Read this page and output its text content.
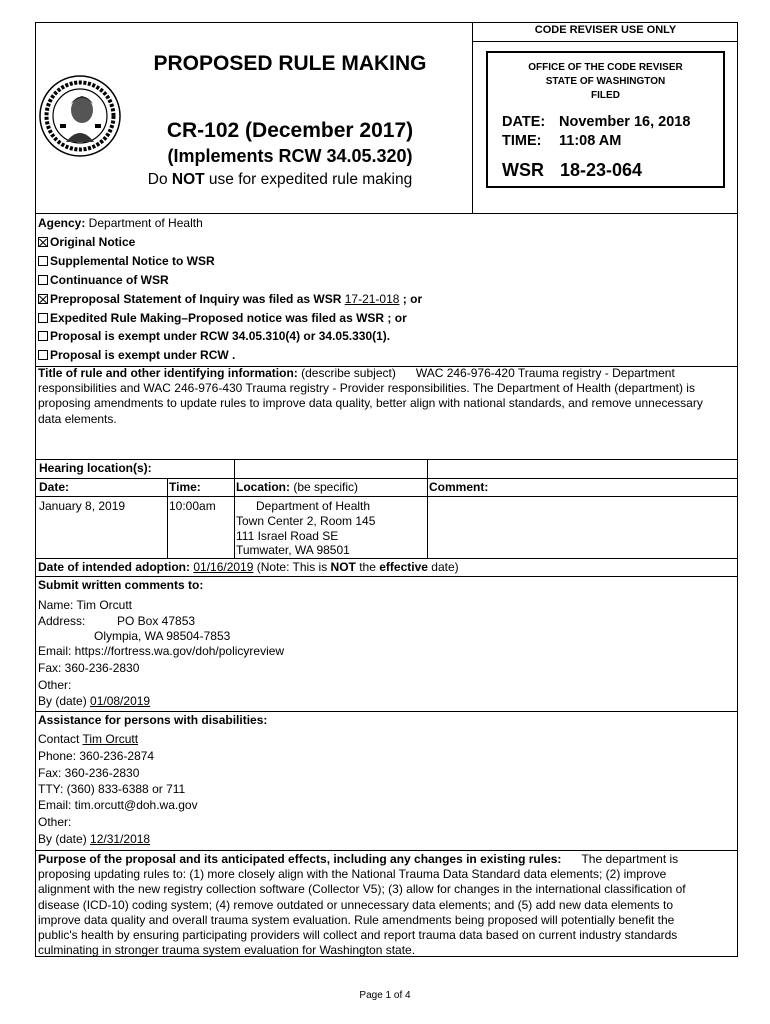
CODE REVISER USE ONLY
OFFICE OF THE CODE REVISER
STATE OF WASHINGTON
FILED
DATE: November 16, 2018
TIME: 11:08 AM
WSR 18-23-064
PROPOSED RULE MAKING
CR-102 (December 2017)
(Implements RCW 34.05.320)
Do NOT use for expedited rule making
Agency: Department of Health
Original Notice
Supplemental Notice to WSR
Continuance of WSR
Preproposal Statement of Inquiry was filed as WSR 17-21-018 ; or
Expedited Rule Making–Proposed notice was filed as WSR ; or
Proposal is exempt under RCW 34.05.310(4) or 34.05.330(1).
Proposal is exempt under RCW .
Title of rule and other identifying information: (describe subject) WAC 246-976-420 Trauma registry - Department
responsibilities and WAC 246-976-430 Trauma registry - Provider responsibilities. The Department of Health (department) is
proposing amendments to update rules to improve data quality, better align with national standards, and remove unnecessary
data elements.
Hearing location(s):
Date:	Time:	Location: (be specific)	Comment:
January 8, 2019	10:00am	Department of Health
Town Center 2, Room 145
111 Israel Road SE
Tumwater, WA 98501
Date of intended adoption: 01/16/2019 (Note: This is NOT the effective date)
Submit written comments to:
Name: Tim Orcutt
Address:	PO Box 47853
Olympia, WA 98504-7853
Email: https://fortress.wa.gov/doh/policyreview
Fax: 360-236-2830
Other:
By (date) 01/08/2019
Assistance for persons with disabilities:
Contact Tim Orcutt
Phone: 360-236-2874
Fax: 360-236-2830
TTY: (360) 833-6388 or 711
Email: tim.orcutt@doh.wa.gov
Other:
By (date) 12/31/2018
Purpose of the proposal and its anticipated effects, including any changes in existing rules: The department is
proposing updating rules to: (1) more closely align with the National Trauma Data Standard data elements; (2) improve
alignment with the new registry collection software (Collector V5); (3) allow for changes in the international classification of
disease (ICD-10) coding system; (4) remove outdated or unnecessary data elements; and (5) add new data elements to
improve data quality and overall trauma system evaluation. Rule amendments being proposed will potentially benefit the
public's health by ensuring participating providers will collect and report trauma data based on current industry standards
culminating in stronger trauma system evaluation for Washington state.
Page 1 of 4
